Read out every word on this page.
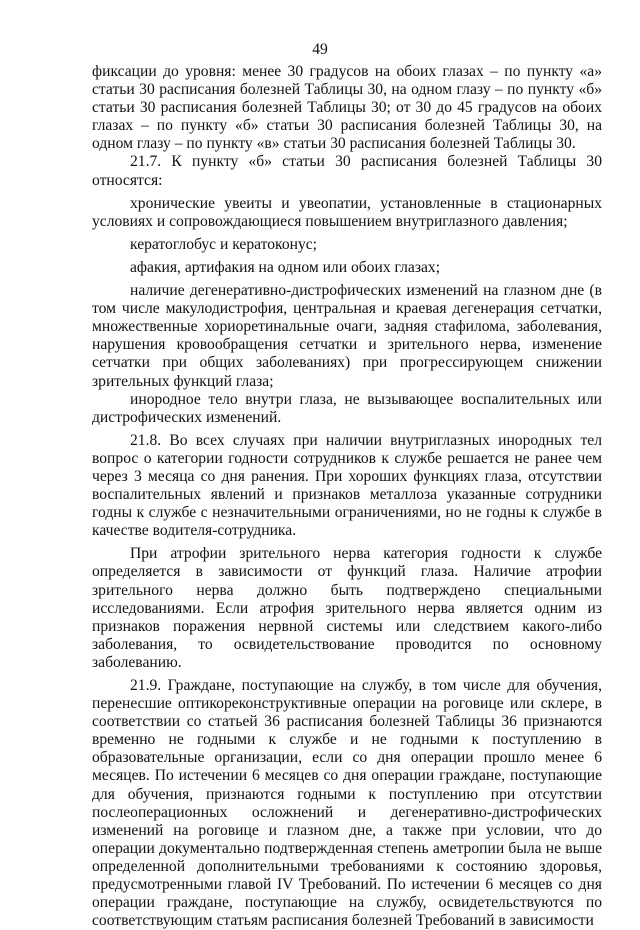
49

фиксации до уровня: менее 30 градусов на обоих глазах – по пункту «а» статьи 30 расписания болезней Таблицы 30, на одном глазу – по пункту «б» статьи 30 расписания болезней Таблицы 30; от 30 до 45 градусов на обоих глазах – по пункту «б» статьи 30 расписания болезней Таблицы 30, на одном глазу – по пункту «в» статьи 30 расписания болезней Таблицы 30.

21.7. К пункту «б» статьи 30 расписания болезней Таблицы 30 относятся:

хронические увеиты и увеопатии, установленные в стационарных условиях и сопровождающиеся повышением внутриглазного давления;

кератоглобус и кератоконус;

афакия, артифакия на одном или обоих глазах;

наличие дегенеративно-дистрофических изменений на глазном дне (в том числе макулодистрофия, центральная и краевая дегенерация сетчатки, множественные хориоретинальные очаги, задняя стафилома, заболевания, нарушения кровообращения сетчатки и зрительного нерва, изменение сетчатки при общих заболеваниях) при прогрессирующем снижении зрительных функций глаза;

инородное тело внутри глаза, не вызывающее воспалительных или дистрофических изменений.

21.8. Во всех случаях при наличии внутриглазных инородных тел вопрос о категории годности сотрудников к службе решается не ранее чем через 3 месяца со дня ранения. При хороших функциях глаза, отсутствии воспалительных явлений и признаков металлоза указанные сотрудники годны к службе с незначительными ограничениями, но не годны к службе в качестве водителя-сотрудника.

При атрофии зрительного нерва категория годности к службе определяется в зависимости от функций глаза. Наличие атрофии зрительного нерва должно быть подтверждено специальными исследованиями. Если атрофия зрительного нерва является одним из признаков поражения нервной системы или следствием какого-либо заболевания, то освидетельствование проводится по основному заболеванию.

21.9. Граждане, поступающие на службу, в том числе для обучения, перенесшие оптикореконструктивные операции на роговице или склере, в соответствии со статьей 36 расписания болезней Таблицы 36 признаются временно не годными к службе и не годными к поступлению в образовательные организации, если со дня операции прошло менее 6 месяцев. По истечении 6 месяцев со дня операции граждане, поступающие для обучения, признаются годными к поступлению при отсутствии послеоперационных осложнений и дегенеративно-дистрофических изменений на роговице и глазном дне, а также при условии, что до операции документально подтвержденная степень аметропии была не выше определенной дополнительными требованиями к состоянию здоровья, предусмотренными главой IV Требований. По истечении 6 месяцев со дня операции граждане, поступающие на службу, освидетельствуются по соответствующим статьям расписания болезней Требований в зависимости
